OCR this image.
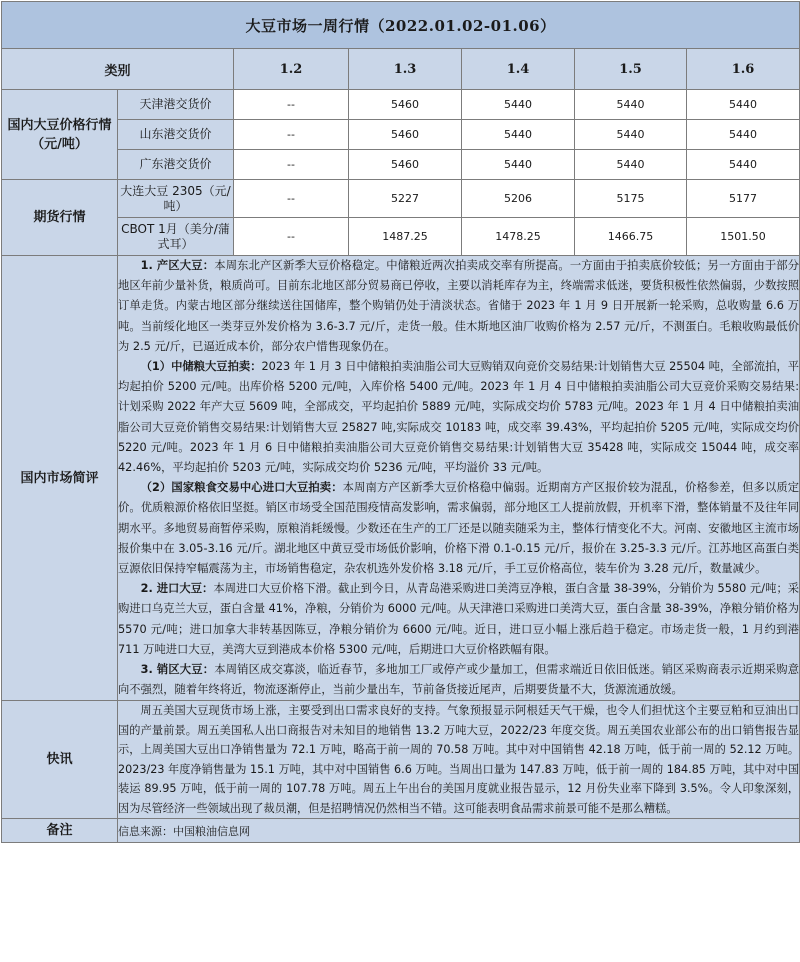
大豆市场一周行情（2022.01.02-01.06）						
类别		1.2	1.3	1.4	1.5	1.6
国内大豆价格行情（元/吨）	天津港交货价	--	5460	5440	5440	5440
	山东港交货价	--	5460	5440	5440	5440
	广东港交货价	--	5460	5440	5440	5440
期货行情	大连大豆 2305（元/吨）	--	5227	5206	5175	5177
	CBOT 1月（美分/蒲式耳）	--	1487.25	1478.25	1466.75	1501.50
国内市场简评	1. 产区大豆：本周东北产区新季大豆价格稳定。中储粮近两次拍卖成交率有所提高。一方面由于拍卖底价较低；另一方面由于部分地区年前少量补货，粮质尚可。目前东北地区部分贸易商已停收，主要以消耗库存为主，终端需求低迷，要货积极性依然偏弱，少数按照订单走货。内蒙古地区部分继续送往国储库，整个购销仍处于清淡状态。省储于 2023 年 1 月 9 日开展新一轮采购，总收购量 6.6 万吨。当前绥化地区一类芽豆外发价格为 3.6-3.7 元/斤，走货一般。佳木斯地区油厂收购价格为 2.57 元/斤，不测蛋白。毛粮收购最低价为 2.5 元/斤，已逼近成本价，部分农户惜售现象仍在。

（1）中储粮大豆拍卖：2023 年 1 月 3 日中储粮拍卖油脂公司大豆购销双向竞价交易结果:计划销售大豆 25504 吨，全部流拍，平均起拍价 5200 元/吨。出库价格 5200 元/吨，入库价格 5400 元/吨。2023 年 1 月 4 日中储粮拍卖油脂公司大豆竞价采购交易结果:计划采购 2022 年产大豆 5609 吨，全部成交，平均起拍价 5889 元/吨，实际成交均价 5783 元/吨。2023 年 1 月 4 日中储粮拍卖油脂公司大豆竞价销售交易结果:计划销售大豆 25827 吨,实际成交 10183 吨，成交率 39.43%，平均起拍价 5205 元/吨，实际成交均价 5220 元/吨。2023 年 1 月 6 日中储粮拍卖油脂公司大豆竞价销售交易结果:计划销售大豆 35428 吨，实际成交 15044 吨，成交率 42.46%，平均起拍价 5203 元/吨，实际成交均价 5236 元/吨，平均溢价 33 元/吨。

（2）国家粮食交易中心进口大豆拍卖：本周南方产区新季大豆价格稳中偏弱。近期南方产区报价较为混乱，价格参差，但多以质定价。优质粮源价格依旧坚挺。销区市场受全国范围疫情高发影响，需求偏弱，部分地区工人提前放假，开机率下滑，整体销量不及往年同期水平。多地贸易商暂停采购，原粮消耗缓慢。少数还在生产的工厂还是以随卖随采为主，整体行情变化不大。河南、安徽地区主流市场报价集中在 3.05-3.16 元/斤。湖北地区中黄豆受市场低价影响，价格下滑 0.1-0.15 元/斤，报价在 3.25-3.3 元/斤。江苏地区高蛋白类豆源依旧保持窄幅震荡为主，市场销售稳定，杂农机选外发价格 3.18 元/斤，手工豆价格高位，装车价为 3.28 元/斤，数量减少。

2. 进口大豆：本周进口大豆价格下滑。截止到今日，从青岛港采购进口美湾豆净粮，蛋白含量 38-39%，分销价为 5580 元/吨；采购进口乌克兰大豆，蛋白含量 41%，净粮，分销价为 6000 元/吨。从天津港口采购进口美湾大豆，蛋白含量 38-39%，净粮分销价格为 5570 元/吨；进口加拿大非转基因陈豆，净粮分销价为 6600 元/吨。近日，进口豆小幅上涨后趋于稳定。市场走货一般，1 月约到港 711 万吨进口大豆，美湾大豆到港成本价格 5300 元/吨，后期进口大豆价格跌幅有限。

3. 销区大豆：本周销区成交寡淡，临近春节，多地加工厂或停产或少量加工，但需求端近日依旧低迷。销区采购商表示近期采购意向不强烈，随着年终将近，物流逐渐停止，当前少量出车，节前备货接近尾声，后期要货量不大，货源流通放缓。					

快讯	周五美国大豆现货市场上涨，主要受到出口需求良好的支持。气象预报显示阿根廷天气干燥，也令人们担忧这个主要豆粕和豆油出口国的产量前景。周五美国私人出口商报告对未知目的地销售 13.2 万吨大豆，2022/23 年度交货。周五美国农业部公布的出口销售报告显示，上周美国大豆出口净销售量为 72.1 万吨，略高于前一周的 70.58 万吨。其中对中国销售 42.18 万吨，低于前一周的 52.12 万吨。2023/23 年度净销售量为 15.1 万吨，其中对中国销售 6.6 万吨。当周出口量为 147.83 万吨，低于前一周的 184.85 万吨，其中对中国装运 89.95 万吨，低于前一周的 107.78 万吨。周五上午出台的美国月度就业报告显示，12 月份失业率下降到 3.5%。令人印象深刻，因为尽管经济一些领域出现了裁员潮，但是招聘情况仍然相当不错。这可能表明食品需求前景可能不是那么糟糕。					

备注	信息来源：中国粮油信息网					
